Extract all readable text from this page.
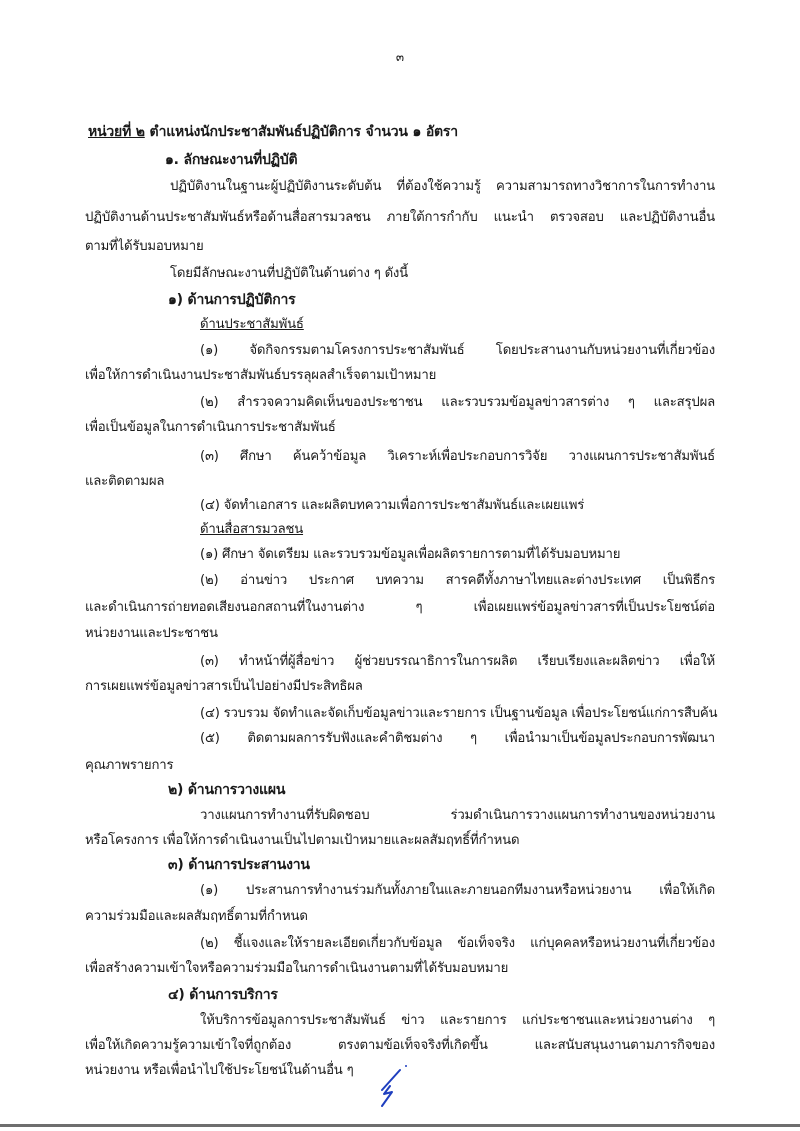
๓
หน่วยที่ ๒ ตำแหน่งนักประชาสัมพันธ์ปฏิบัติการ จำนวน ๑ อัตรา
๑. ลักษณะงานที่ปฏิบัติ
ปฏิบัติงานในฐานะผู้ปฏิบัติงานระดับต้น ที่ต้องใช้ความรู้ ความสามารถทางวิชาการในการทำงาน
ปฏิบัติงานด้านประชาสัมพันธ์หรือด้านสื่อสารมวลชน ภายใต้การกำกับ แนะนำ ตรวจสอบ และปฏิบัติงานอื่น
ตามที่ได้รับมอบหมาย
โดยมีลักษณะงานที่ปฏิบัติในด้านต่าง ๆ ดังนี้
๑) ด้านการปฏิบัติการ
ด้านประชาสัมพันธ์
(๑) จัดกิจกรรมตามโครงการประชาสัมพันธ์ โดยประสานงานกับหน่วยงานที่เกี่ยวข้อง
เพื่อให้การดำเนินงานประชาสัมพันธ์บรรลุผลสำเร็จตามเป้าหมาย
(๒) สำรวจความคิดเห็นของประชาชน และรวบรวมข้อมูลข่าวสารต่าง ๆ และสรุปผล
เพื่อเป็นข้อมูลในการดำเนินการประชาสัมพันธ์
(๓) ศึกษา ค้นคว้าข้อมูล วิเคราะห์เพื่อประกอบการวิจัย วางแผนการประชาสัมพันธ์
และติดตามผล
(๔) จัดทำเอกสาร และผลิตบทความเพื่อการประชาสัมพันธ์และเผยแพร่
ด้านสื่อสารมวลชน
(๑) ศึกษา จัดเตรียม และรวบรวมข้อมูลเพื่อผลิตรายการตามที่ได้รับมอบหมาย
(๒) อ่านข่าว ประกาศ บทความ สารคดีทั้งภาษาไทยและต่างประเทศ เป็นพิธีกร
และดำเนินการถ่ายทอดเสียงนอกสถานที่ในงานต่าง ๆ เพื่อเผยแพร่ข้อมูลข่าวสารที่เป็นประโยชน์ต่อ
หน่วยงานและประชาชน
(๓) ทำหน้าที่ผู้สื่อข่าว ผู้ช่วยบรรณาธิการในการผลิต เรียบเรียงและผลิตข่าว เพื่อให้
การเผยแพร่ข้อมูลข่าวสารเป็นไปอย่างมีประสิทธิผล
(๔) รวบรวม จัดทำและจัดเก็บข้อมูลข่าวและรายการ เป็นฐานข้อมูล เพื่อประโยชน์แก่การสืบค้น
(๕) ติดตามผลการรับฟังและคำติชมต่าง ๆ เพื่อนำมาเป็นข้อมูลประกอบการพัฒนา
คุณภาพรายการ
๒) ด้านการวางแผน
วางแผนการทำงานที่รับผิดชอบ ร่วมดำเนินการวางแผนการทำงานของหน่วยงาน
หรือโครงการ เพื่อให้การดำเนินงานเป็นไปตามเป้าหมายและผลสัมฤทธิ์ที่กำหนด
๓) ด้านการประสานงาน
(๑) ประสานการทำงานร่วมกันทั้งภายในและภายนอกทีมงานหรือหน่วยงาน เพื่อให้เกิด
ความร่วมมือและผลสัมฤทธิ์ตามที่กำหนด
(๒) ชี้แจงและให้รายละเอียดเกี่ยวกับข้อมูล ข้อเท็จจริง แก่บุคคลหรือหน่วยงานที่เกี่ยวข้อง
เพื่อสร้างความเข้าใจหรือความร่วมมือในการดำเนินงานตามที่ได้รับมอบหมาย
๔) ด้านการบริการ
ให้บริการข้อมูลการประชาสัมพันธ์ ข่าว และรายการ แก่ประชาชนและหน่วยงานต่าง ๆ
เพื่อให้เกิดความรู้ความเข้าใจที่ถูกต้อง ตรงตามข้อเท็จจริงที่เกิดขึ้น และสนับสนุนงานตามภารกิจของ
หน่วยงาน หรือเพื่อนำไปใช้ประโยชน์ในด้านอื่น ๆ
